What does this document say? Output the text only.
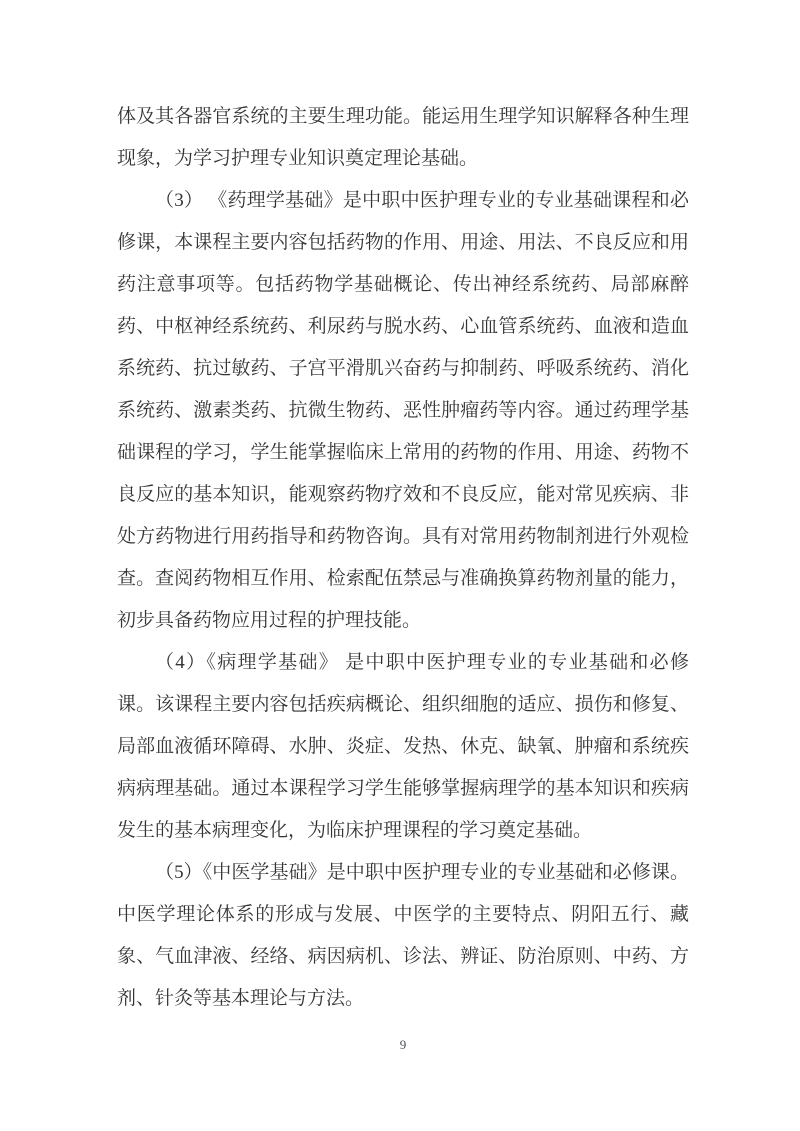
体及其各器官系统的主要生理功能。能运用生理学知识解释各种生理现象，为学习护理专业知识奠定理论基础。

（3） 《药理学基础》是中职中医护理专业的专业基础课程和必修课，本课程主要内容包括药物的作用、用途、用法、不良反应和用药注意事项等。包括药物学基础概论、传出神经系统药、局部麻醉药、中枢神经系统药、利尿药与脱水药、心血管系统药、血液和造血系统药、抗过敏药、子宫平滑肌兴奋药与抑制药、呼吸系统药、消化系统药、激素类药、抗微生物药、恶性肿瘤药等内容。通过药理学基础课程的学习，学生能掌握临床上常用的药物的作用、用途、药物不良反应的基本知识，能观察药物疗效和不良反应，能对常见疾病、非处方药物进行用药指导和药物咨询。具有对常用药物制剂进行外观检查。查阅药物相互作用、检索配伍禁忌与准确换算药物剂量的能力，初步具备药物应用过程的护理技能。

（4）《病理学基础》 是中职中医护理专业的专业基础和必修课。该课程主要内容包括疾病概论、组织细胞的适应、损伤和修复、局部血液循环障碍、水肿、炎症、发热、休克、缺氧、肿瘤和系统疾病病理基础。通过本课程学习学生能够掌握病理学的基本知识和疾病发生的基本病理变化，为临床护理课程的学习奠定基础。

（5）《中医学基础》是中职中医护理专业的专业基础和必修课。中医学理论体系的形成与发展、中医学的主要特点、阴阳五行、藏象、气血津液、经络、病因病机、诊法、辨证、防治原则、中药、方剂、针灸等基本理论与方法。

9
